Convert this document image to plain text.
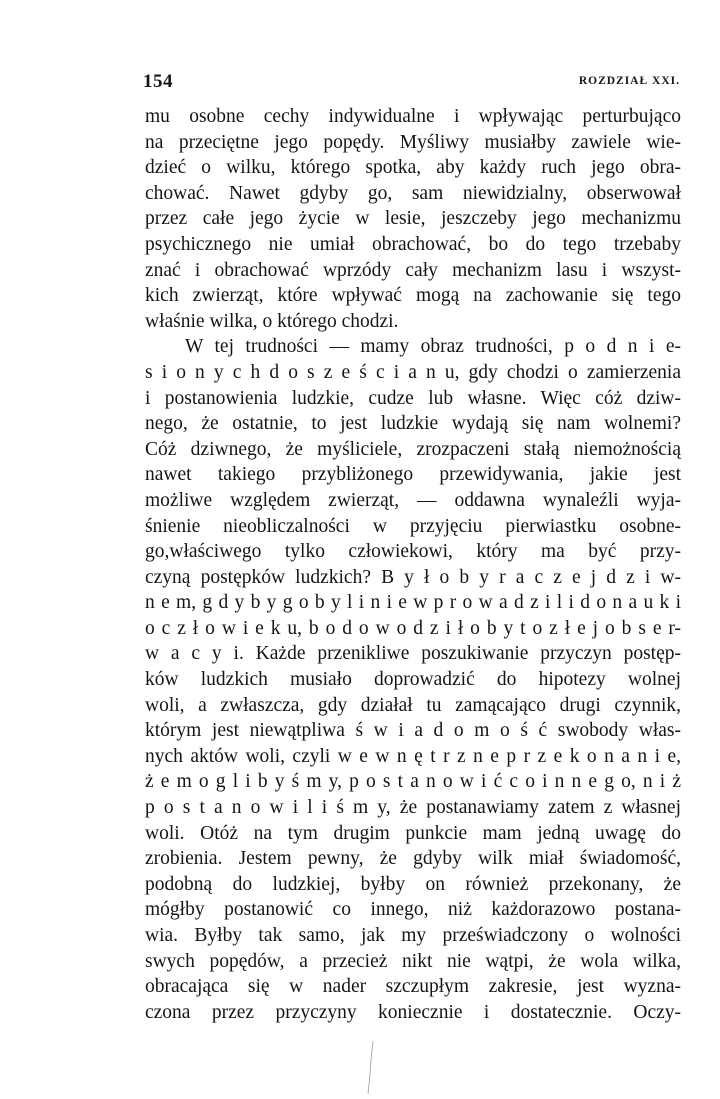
154	ROZDZIAŁ XXI.
mu osobne cechy indywidualne i wpływając perturbująco
na przeciętne jego popędy. Myśliwy musiałby zawiele wie-
dzieć o wilku, którego spotka, aby każdy ruch jego obra-
chować. Nawet gdyby go, sam niewidzialny, obserwował
przez całe jego życie w lesie, jeszczeby jego mechanizmu
psychicznego nie umiał obrachować, bo do tego trzebaby
znać i obrachować wprzódy cały mechanizm lasu i wszyst-
kich zwierząt, które wpływać mogą na zachowanie się tego
właśnie wilka, o którego chodzi.
W tej trudności — mamy obraz trudności, p o d n i e-
s i o n y c h d o s z e ś c i a n u, gdy chodzi o zamierzenia
i postanowienia ludzkie, cudze lub własne. Więc cóż dziw-
nego, że ostatnie, to jest ludzkie wydają się nam wolnemi?
Cóż dziwnego, że myśliciele, zrozpaczeni stałą niemożnością
nawet takiego przybliżonego przewidywania, jakie jest
możliwe względem zwierząt, — oddawna wynaleźli wyja-
śnienie nieobliczalności w przyjęciu pierwiastku osobne-
go,właściwego tylko człowiekowi, który ma być przy-
czyną postępków ludzkich? B y ł o b y r a c z e j d z i w-
n e m, g d y b y g o b y l i n i e w p r o w a d z i l i d o n a u k i
o c z ł o w i e k u, b o d o w o d z i ł o b y t o z ł e j o b s e r-
w a c y i. Każde przenikliwe poszukiwanie przyczyn postęp-
ków ludzkich musiało doprowadzić do hipotezy wolnej
woli, a zwłaszcza, gdy działał tu zamącająco drugi czynnik,
którym jest niewątpliwa ś w i a d o m o ś ć swobody włas-
nych aktów woli, czyli w e w n ę t r z n e p r z e k o n a n i e,
ż e m o g l i b y ś m y, p o s t a n o w i ć c o i n n e g o, n i ż
p o s t a n o w i l i ś m y, że postanawiamy zatem z własnej
woli. Otóż na tym drugim punkcie mam jedną uwagę do
zrobienia. Jestem pewny, że gdyby wilk miał świadomość,
podobną do ludzkiej, byłby on również przekonany, że
mógłby postanowić co innego, niż każdorazowo postana-
wia. Byłby tak samo, jak my przeświadczony o wolności
swych popędów, a przecież nikt nie wątpi, że wola wilka,
obracająca się w nader szczupłym zakresie, jest wyzna-
czona przez przyczyny koniecznie i dostatecznie. Oczy-
